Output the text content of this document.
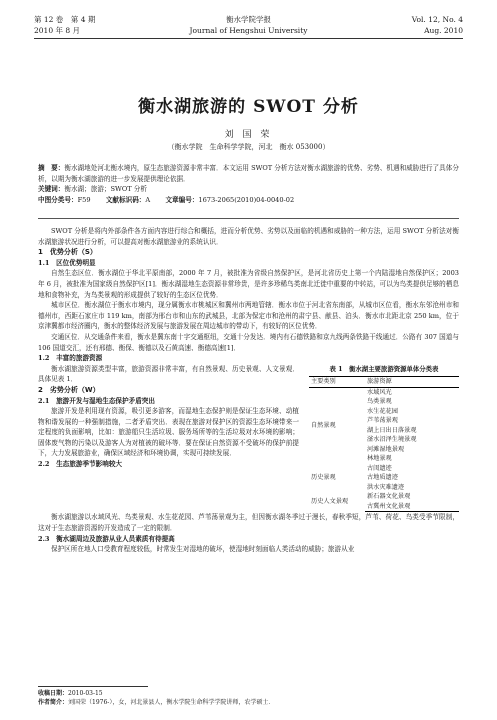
第 12 卷　第 4 期
2010 年 8 月
衡水学院学报
Journal of Hengshui University
Vol. 12, No. 4
Aug. 2010
衡水湖旅游的 SWOT 分析
刘 国 荣
（衡水学院　生命科学学院，河北　衡水 053000）

摘　要：衡水湖地处河北衡水境内，原生态旅游资源非常丰富．本文运用 SWOT 分析方法对衡水湖旅游的优势、劣势、机遇和威胁进行了具体分析，以期为衡水湖旅游的进一步发展提供理论依据．

关键词：衡水湖；旅游；SWOT 分析

中图分类号：F59 　　 文献标识码：A 　　 文章编号：1673-2065(2010)04-0040-02

SWOT 分析是将内外部条件各方面内容进行综合和概括，进而分析优势、劣势以及面临的机遇和威胁的一种方法，运用 SWOT 分析法对衡水湖旅游状况进行分析，可以提高对衡水湖旅游业的系统认识．

1　优势分析（S）
1.1　区位优势明显

自然生态区位．衡水湖位于华北平原南部，2000 年 7 月，被批准为省级自然保护区，是河北省历史上第一个内陆湿地自然保护区；2003 年 6 月，被批准为国家级自然保护区[1]．衡水湖湿地生态资源非常珍贵，是许多珍稀鸟类南北迁徙中重要的中转站，可以为鸟类提供足够的栖息地和食物补充，为鸟类景观的形成提供了较好的生态区位优势．

城市区位．衡水湖位于衡水市境内，现分属衡水市桃城区和冀州市两地管辖．衡水市位于河北省东南部，从城市区位看，衡水东邻沧州市和德州市，西距石家庄市 119 km，南部为邢台市和山东的武城县，北部为保定市和沧州的肃宁县、献县、泊头．衡水市北距北京 250 km，位于京津冀都市经济圈内，衡水的整体经济发展与旅游发展在周边城市的带动下，有较好的区位优势．

交通区位．从交通条件来看，衡水是冀东南十字交通枢纽，交通十分发达．境内有石德铁路和京九线两条铁路干线通过．公路有 307 国道与 106 国道交汇，还有邢德、衡保、衡德以及石黄高速、衡德高速[1]．

1.2　丰富的旅游资源

衡水湖旅游资源类型丰富，旅游资源非常丰富，有自然景观、历史景观、人文景观．具体见表 1．

2　劣势分析（W）
2.1　旅游开发与湿地生态保护矛盾突出

旅游开发是利用现有资源，吸引更多游客，而湿地生态保护则是保证生态环境、动植物和谐发展的一种强制措施，二者矛盾突出．表现在旅游对保护区的资源生态环境带来一定程度的负面影响，比如：旅游船只生活垃圾、服务场所等的生活垃圾对水环境的影响；固体废气物的污染以及游客人为对植被的破坏等．要在保证自然资源不受破坏的保护前提下，大力发展旅游业，确保区域经济和环境协调，实现可持续发展．

2.2　生态旅游季节影响较大
表 1　衡水湖主要旅游资源单体分类表
主要类别	旅游资源
自然景观	水域风光
	鸟类景观
	水生花花园
	芦苇荡景观
	湖上日出日落景观
	滏水沼泽生境景观
	河滩湿地景观
	林地景观
历史景观	古闺遗迹
	古地质遗迹
	洪水灾难遗迹
历史人文景观	新石器文化景观
	古冀州文化景观

衡水湖旅游以水域风光、鸟类景观、水生花花园、芦苇荡景观为主，但因衡水湖冬季过于漫长，春秋季短，芦苇、荷花、鸟类受季节限制，这对于生态旅游资源的开发造成了一定的限制．

2.3　衡水湖周边及旅游从业人员素质有待提高

保护区所在地人口受教育程度较低，时常发生对湿地的破坏，使湿地时刻面临人类活动的威胁；旅游从业

收稿日期：2010-03-15
作者简介：刘国荣（1976-），女，河北景县人，衡水学院生命科学学院讲师，农学硕士．
